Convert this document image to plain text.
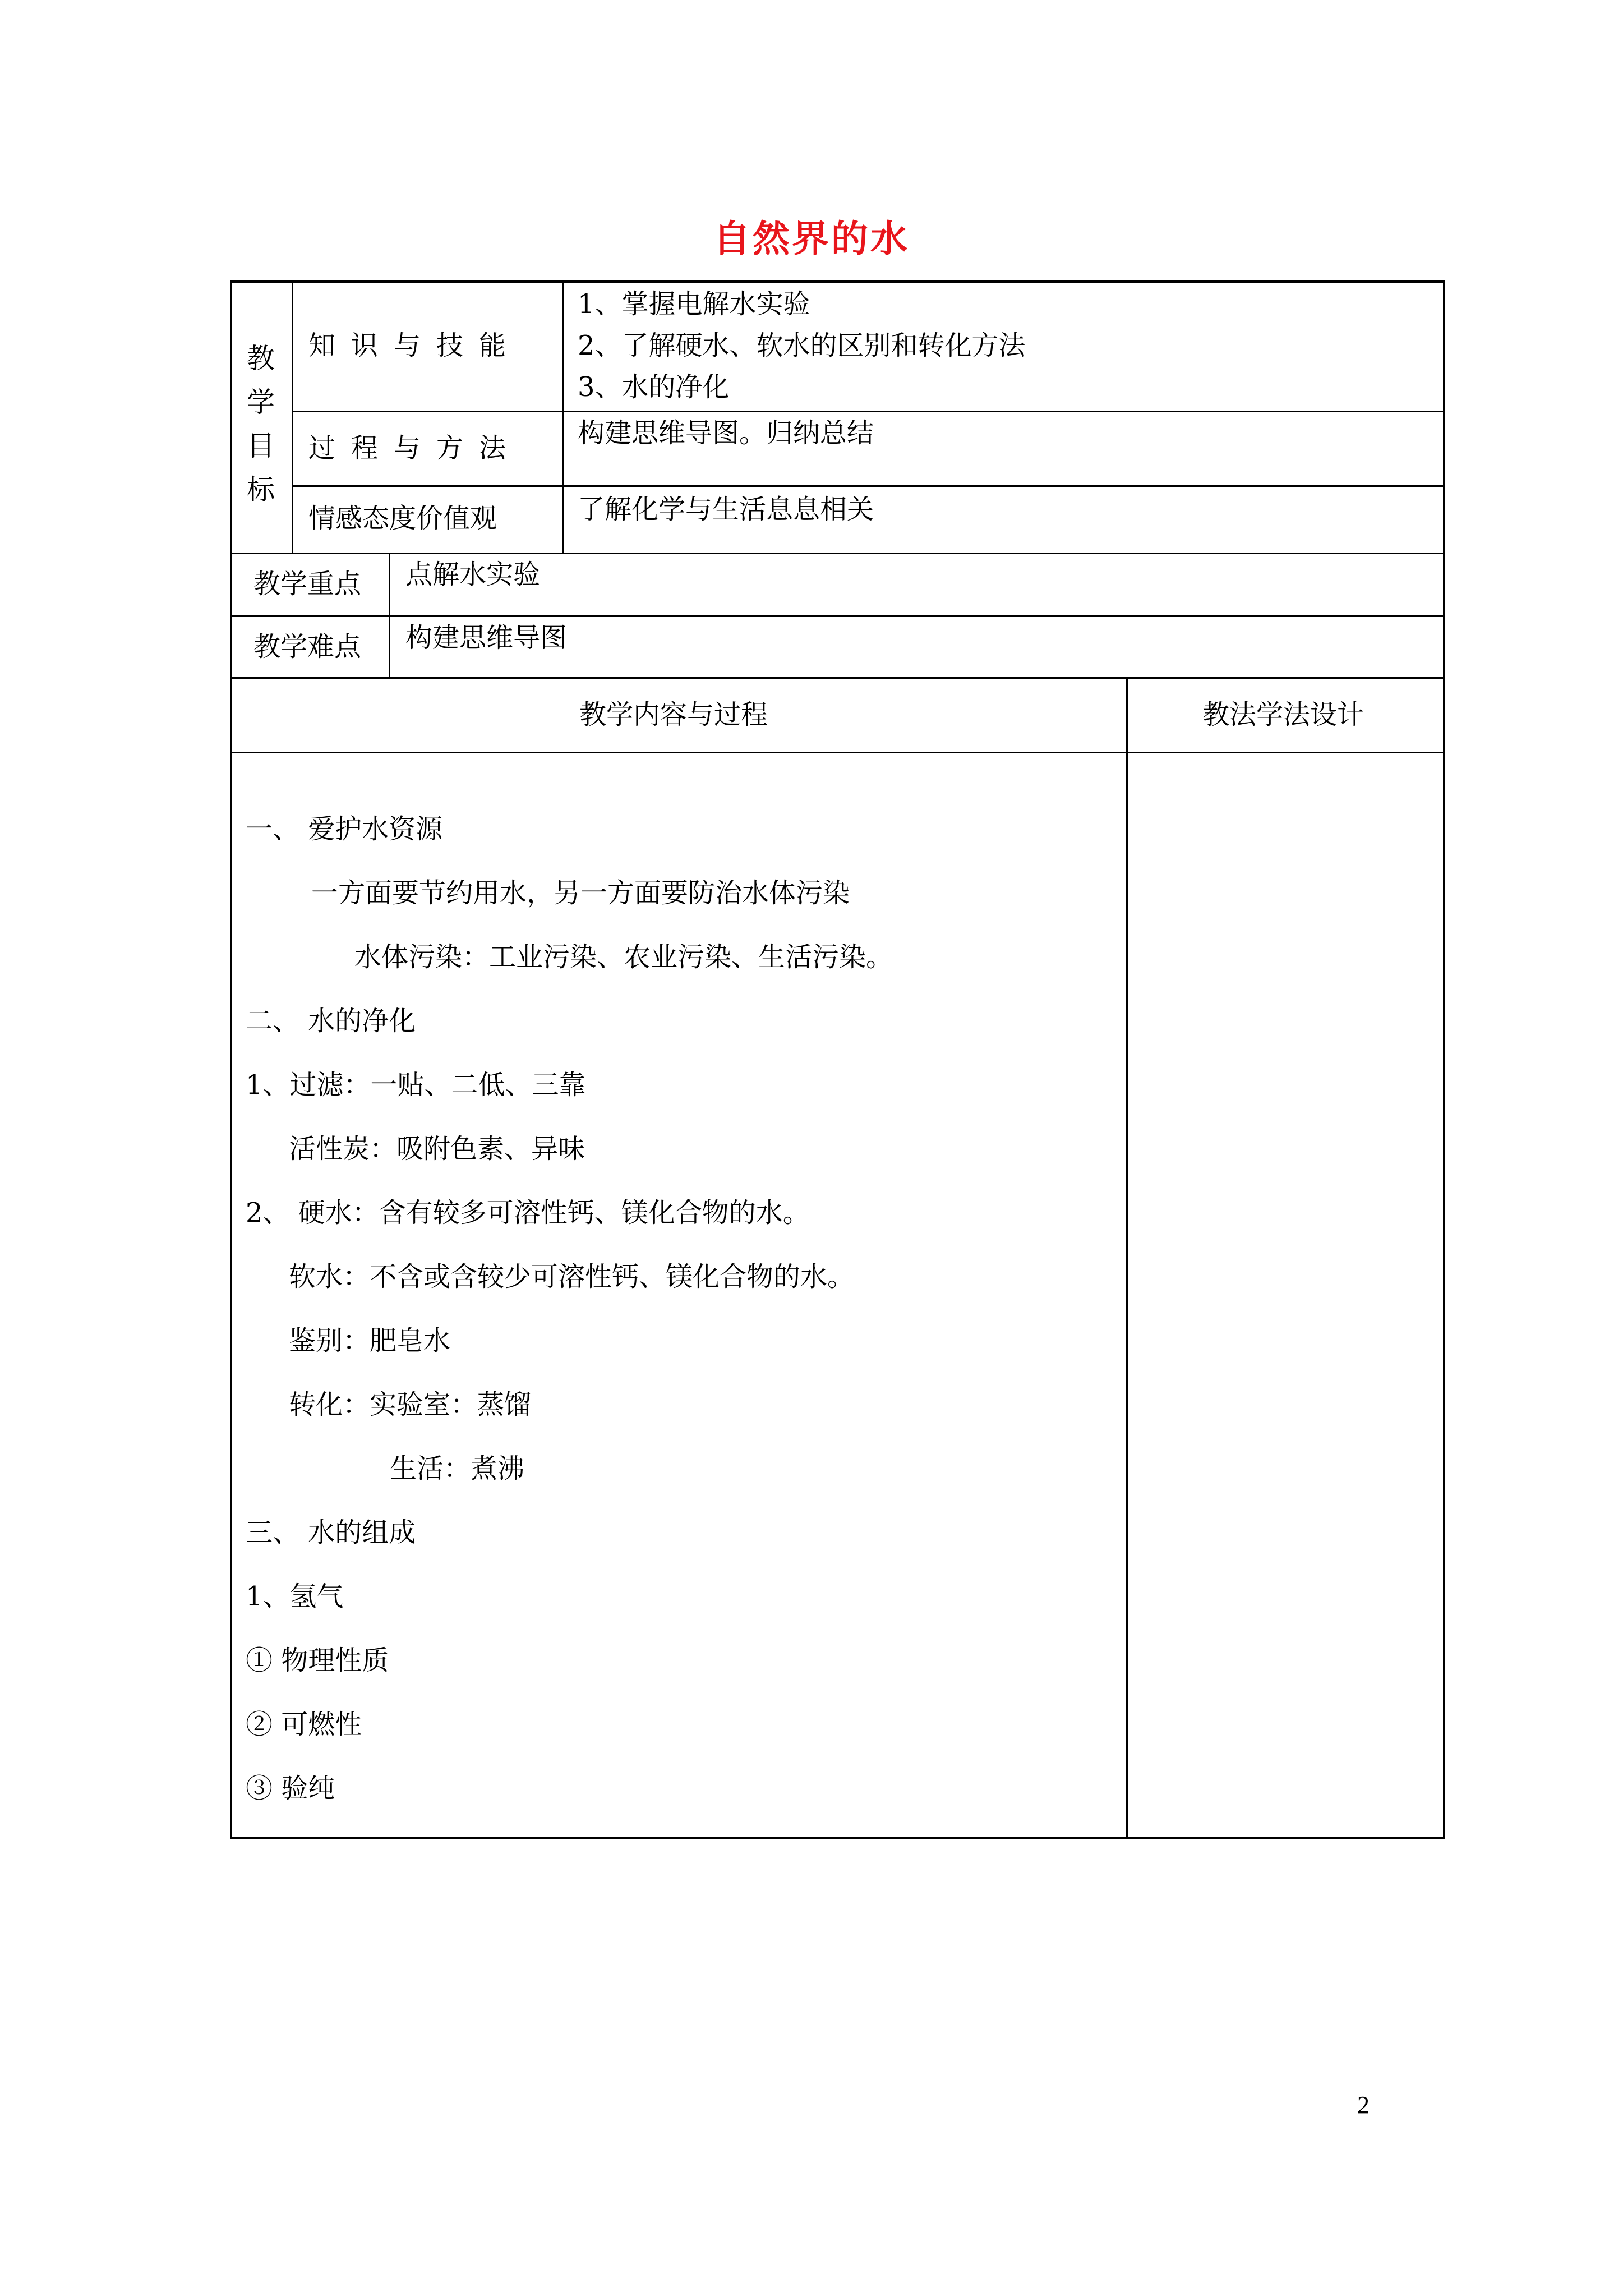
自然界的水
教
学
目
标
知识与技能
1、掌握电解水实验
2、了解硬水、软水的区别和转化方法
3、水的净化
过程与方法 构建思维导图。归纳总结
情感态度价值观	了解化学与生活息息相关
教学重点 点解水实验
教学难点 构建思维导图
教学内容与过程	教法学法设计
一、 爱护水资源
一方面要节约用水，另一方面要防治水体污染
水体污染：工业污染、农业污染、生活污染。
二、 水的净化
1、过滤：一贴、二低、三靠
活性炭：吸附色素、异味
2、 硬水：含有较多可溶性钙、镁化合物的水。
软水：不含或含较少可溶性钙、镁化合物的水。
鉴别：肥皂水
转化：实验室：蒸馏
生活：煮沸
三、 水的组成
1、氢气
① 物理性质
② 可燃性
③ 验纯
2
